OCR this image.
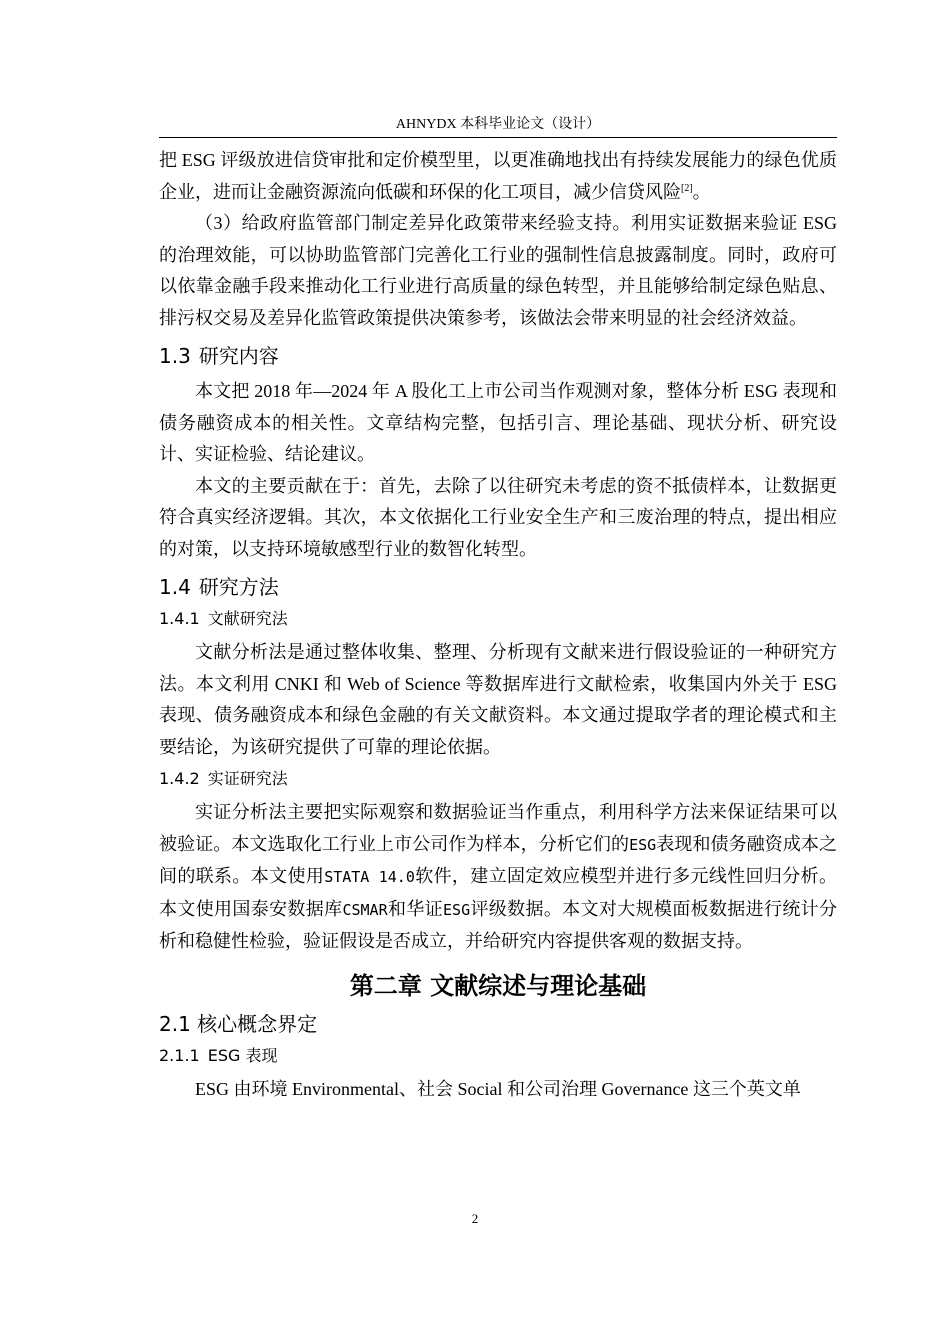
AHNYDX 本科毕业论文（设计）

把 ESG 评级放进信贷审批和定价模型里，以更准确地找出有持续发展能力的绿色优质企业，进而让金融资源流向低碳和环保的化工项目，减少信贷风险[2]。

（3）给政府监管部门制定差异化政策带来经验支持。利用实证数据来验证 ESG 的治理效能，可以协助监管部门完善化工行业的强制性信息披露制度。同时，政府可以依靠金融手段来推动化工行业进行高质量的绿色转型，并且能够给制定绿色贴息、排污权交易及差异化监管政策提供决策参考，该做法会带来明显的社会经济效益。

1.3 研究内容

本文把 2018 年—2024 年 A 股化工上市公司当作观测对象，整体分析 ESG 表现和债务融资成本的相关性。文章结构完整，包括引言、理论基础、现状分析、研究设计、实证检验、结论建议。

本文的主要贡献在于：首先，去除了以往研究未考虑的资不抵债样本，让数据更符合真实经济逻辑。其次，本文依据化工行业安全生产和三废治理的特点，提出相应的对策，以支持环境敏感型行业的数智化转型。

1.4 研究方法
1.4.1 文献研究法

文献分析法是通过整体收集、整理、分析现有文献来进行假设验证的一种研究方法。本文利用 CNKI 和 Web of Science 等数据库进行文献检索，收集国内外关于 ESG 表现、债务融资成本和绿色金融的有关文献资料。本文通过提取学者的理论模式和主要结论，为该研究提供了可靠的理论依据。

1.4.2 实证研究法

实证分析法主要把实际观察和数据验证当作重点，利用科学方法来保证结果可以被验证。本文选取化工行业上市公司作为样本，分析它们的ESG表现和债务融资成本之间的联系。本文使用STATA 14.0软件，建立固定效应模型并进行多元线性回归分析。本文使用国泰安数据库CSMAR和华证ESG评级数据。本文对大规模面板数据进行统计分析和稳健性检验，验证假设是否成立，并给研究内容提供客观的数据支持。

第二章 文献综述与理论基础
2.1 核心概念界定
2.1.1 ESG 表现

ESG 由环境 Environmental、社会 Social 和公司治理 Governance 这三个英文单

2
